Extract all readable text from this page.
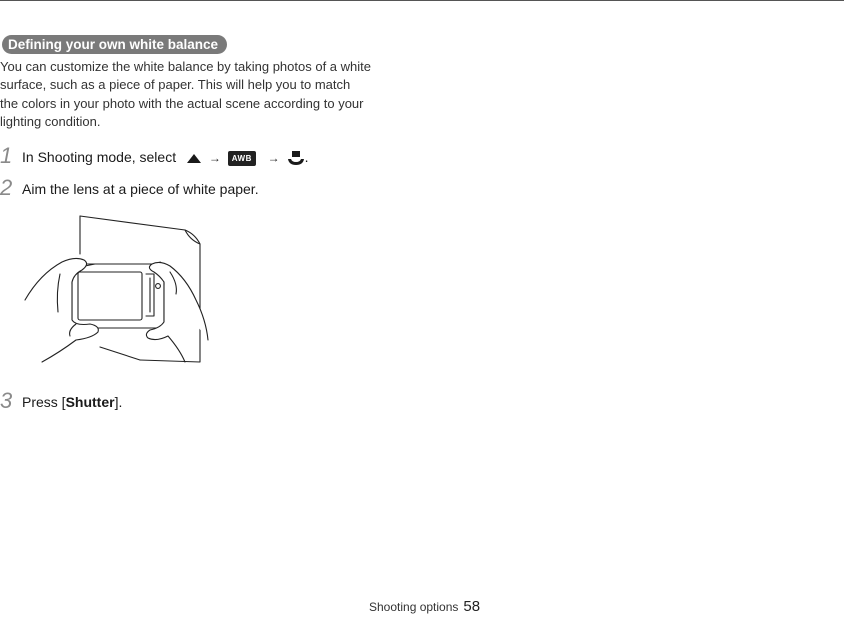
Defining your own white balance

You can customize the white balance by taking photos of a white

surface, such as a piece of paper. This will help you to match

the colors in your photo with the actual scene according to your

lighting condition.

1 In Shooting mode, select	→ AWB → .
2 Aim the lens at a piece of white paper.
3 Press [Shutter].
Shooting options 58
